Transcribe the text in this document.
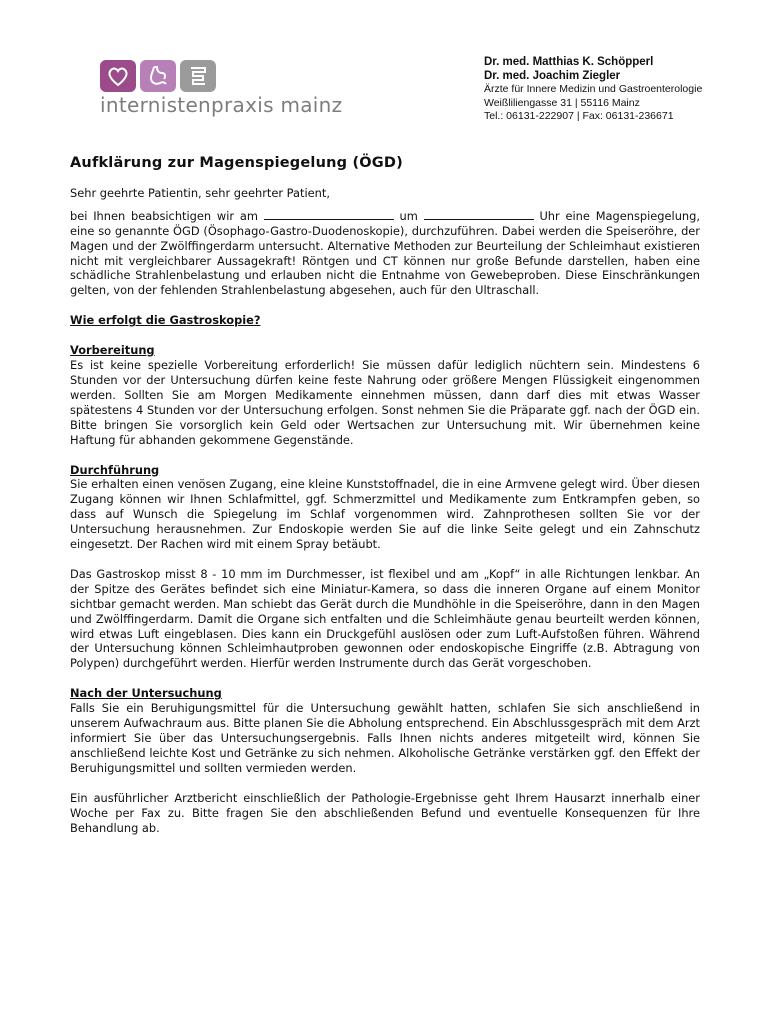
internistenpraxis mainz
Dr. med. Matthias K. Schöpperl
Dr. med. Joachim Ziegler
Ärzte für Innere Medizin und Gastroenterologie
Weißliliengasse 31 | 55116 Mainz
Tel.: 06131-222907 | Fax: 06131-236671
Aufklärung zur Magenspiegelung (ÖGD)

Sehr geehrte Patientin, sehr geehrter Patient,

bei Ihnen beabsichtigen wir am	um	Uhr eine Magenspiegelung, eine so genannte ÖGD (Ösophago-Gastro-Duodenoskopie), durchzuführen. Dabei werden die Speiseröhre, der Magen und der Zwölffingerdarm untersucht. Alternative Methoden zur Beurteilung der Schleimhaut existieren nicht mit vergleichbarer Aussagekraft! Röntgen und CT können nur große Befunde darstellen, haben eine schädliche Strahlenbelastung und erlauben nicht die Entnahme von Gewebeproben. Diese Einschränkungen gelten, von der fehlenden Strahlenbelastung abgesehen, auch für den Ultraschall.

Wie erfolgt die Gastroskopie?
Vorbereitung

Es ist keine spezielle Vorbereitung erforderlich! Sie müssen dafür lediglich nüchtern sein. Mindestens 6 Stunden vor der Untersuchung dürfen keine feste Nahrung oder größere Mengen Flüssigkeit eingenommen werden. Sollten Sie am Morgen Medikamente einnehmen müssen, dann darf dies mit etwas Wasser spätestens 4 Stunden vor der Untersuchung erfolgen. Sonst nehmen Sie die Präparate ggf. nach der ÖGD ein. Bitte bringen Sie vorsorglich kein Geld oder Wertsachen zur Untersuchung mit. Wir übernehmen keine Haftung für abhanden gekommene Gegenstände.

Durchführung

Sie erhalten einen venösen Zugang, eine kleine Kunststoffnadel, die in eine Armvene gelegt wird. Über diesen Zugang können wir Ihnen Schlafmittel, ggf. Schmerzmittel und Medikamente zum Entkrampfen geben, so dass auf Wunsch die Spiegelung im Schlaf vorgenommen wird. Zahnprothesen sollten Sie vor der Untersuchung herausnehmen. Zur Endoskopie werden Sie auf die linke Seite gelegt und ein Zahnschutz eingesetzt. Der Rachen wird mit einem Spray betäubt.

Das Gastroskop misst 8 - 10 mm im Durchmesser, ist flexibel und am „Kopf“ in alle Richtungen lenkbar. An der Spitze des Gerätes befindet sich eine Miniatur-Kamera, so dass die inneren Organe auf einem Monitor sichtbar gemacht werden. Man schiebt das Gerät durch die Mundhöhle in die Speiseröhre, dann in den Magen und Zwölffingerdarm. Damit die Organe sich entfalten und die Schleimhäute genau beurteilt werden können, wird etwas Luft eingeblasen. Dies kann ein Druckgefühl auslösen oder zum Luft-Aufstoßen führen. Während der Untersuchung können Schleimhautproben gewonnen oder endoskopische Eingriffe (z.B. Abtragung von Polypen) durchgeführt werden. Hierfür werden Instrumente durch das Gerät vorgeschoben.

Nach der Untersuchung

Falls Sie ein Beruhigungsmittel für die Untersuchung gewählt hatten, schlafen Sie sich anschließend in unserem Aufwachraum aus. Bitte planen Sie die Abholung entsprechend. Ein Abschlussgespräch mit dem Arzt informiert Sie über das Untersuchungsergebnis. Falls Ihnen nichts anderes mitgeteilt wird, können Sie anschließend leichte Kost und Getränke zu sich nehmen. Alkoholische Getränke verstärken ggf. den Effekt der Beruhigungsmittel und sollten vermieden werden.

Ein ausführlicher Arztbericht einschließlich der Pathologie-Ergebnisse geht Ihrem Hausarzt innerhalb einer Woche per Fax zu. Bitte fragen Sie den abschließenden Befund und eventuelle Konsequenzen für Ihre Behandlung ab.
